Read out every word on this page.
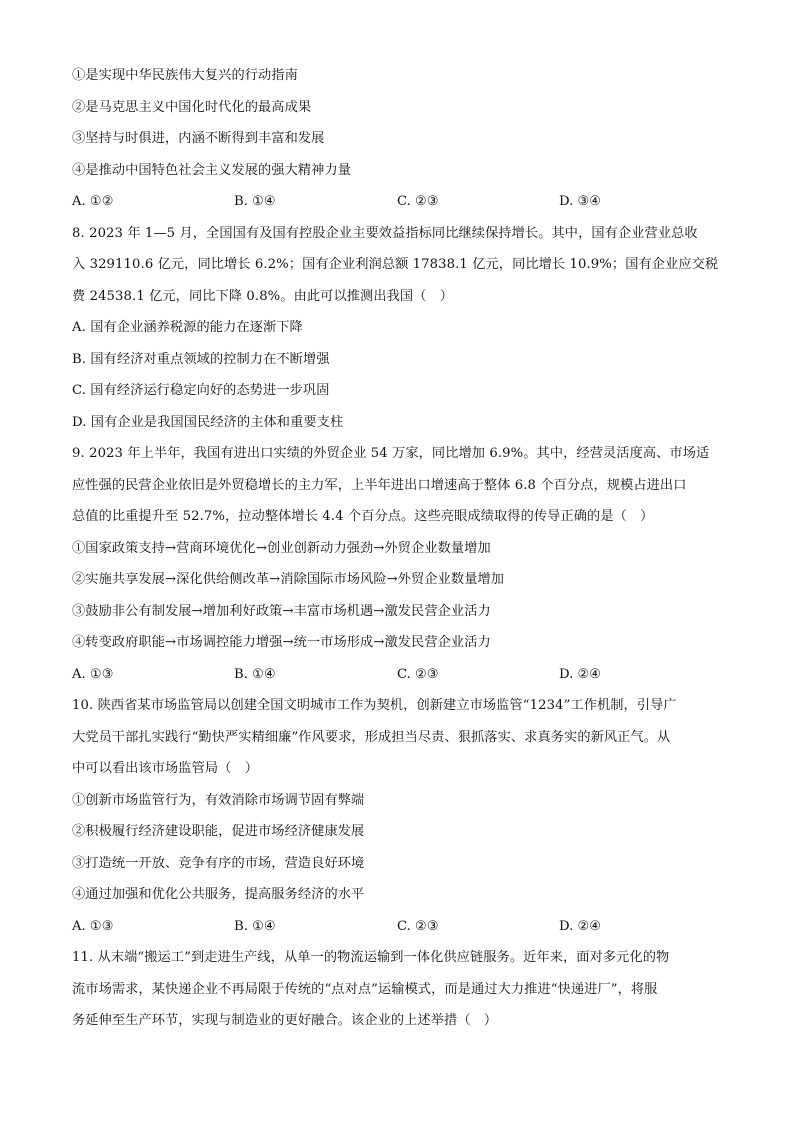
①是实现中华民族伟大复兴的行动指南
②是马克思主义中国化时代化的最高成果
③坚持与时俱进，内涵不断得到丰富和发展
④是推动中国特色社会主义发展的强大精神力量
A. ①②	B. ①④	C. ②③	D. ③④
8. 2023 年 1—5 月，全国国有及国有控股企业主要效益指标同比继续保持增长。其中，国有企业营业总收
入 329110.6 亿元，同比增长 6.2%；国有企业利润总额 17838.1 亿元，同比增长 10.9%；国有企业应交税
费 24538.1 亿元，同比下降 0.8%。由此可以推测出我国（　）
A. 国有企业涵养税源的能力在逐渐下降
B. 国有经济对重点领域的控制力在不断增强
C. 国有经济运行稳定向好的态势进一步巩固
D. 国有企业是我国国民经济的主体和重要支柱
9. 2023 年上半年，我国有进出口实绩的外贸企业 54 万家，同比增加 6.9%。其中，经营灵活度高、市场适
应性强的民营企业依旧是外贸稳增长的主力军，上半年进出口增速高于整体 6.8 个百分点，规模占进出口
总值的比重提升至 52.7%，拉动整体增长 4.4 个百分点。这些亮眼成绩取得的传导正确的是（　）
①国家政策支持→营商环境优化→创业创新动力强劲→外贸企业数量增加
②实施共享发展→深化供给侧改革→消除国际市场风险→外贸企业数量增加
③鼓励非公有制发展→增加利好政策→丰富市场机遇→激发民营企业活力
④转变政府职能→市场调控能力增强→统一市场形成→激发民营企业活力
A. ①③	B. ①④	C. ②③	D. ②④
10. 陕西省某市场监管局以创建全国文明城市工作为契机，创新建立市场监管“1234”工作机制，引导广
大党员干部扎实践行“勤快严实精细廉”作风要求，形成担当尽责、狠抓落实、求真务实的新风正气。从
中可以看出该市场监管局（　）
①创新市场监管行为，有效消除市场调节固有弊端
②积极履行经济建设职能，促进市场经济健康发展
③打造统一开放、竞争有序的市场，营造良好环境
④通过加强和优化公共服务，提高服务经济的水平
A. ①③	B. ①④	C. ②③	D. ②④
11. 从末端“搬运工”到走进生产线，从单一的物流运输到一体化供应链服务。近年来，面对多元化的物
流市场需求，某快递企业不再局限于传统的“点对点”运输模式，而是通过大力推进“快递进厂”，将服
务延伸至生产环节，实现与制造业的更好融合。该企业的上述举措（　）
